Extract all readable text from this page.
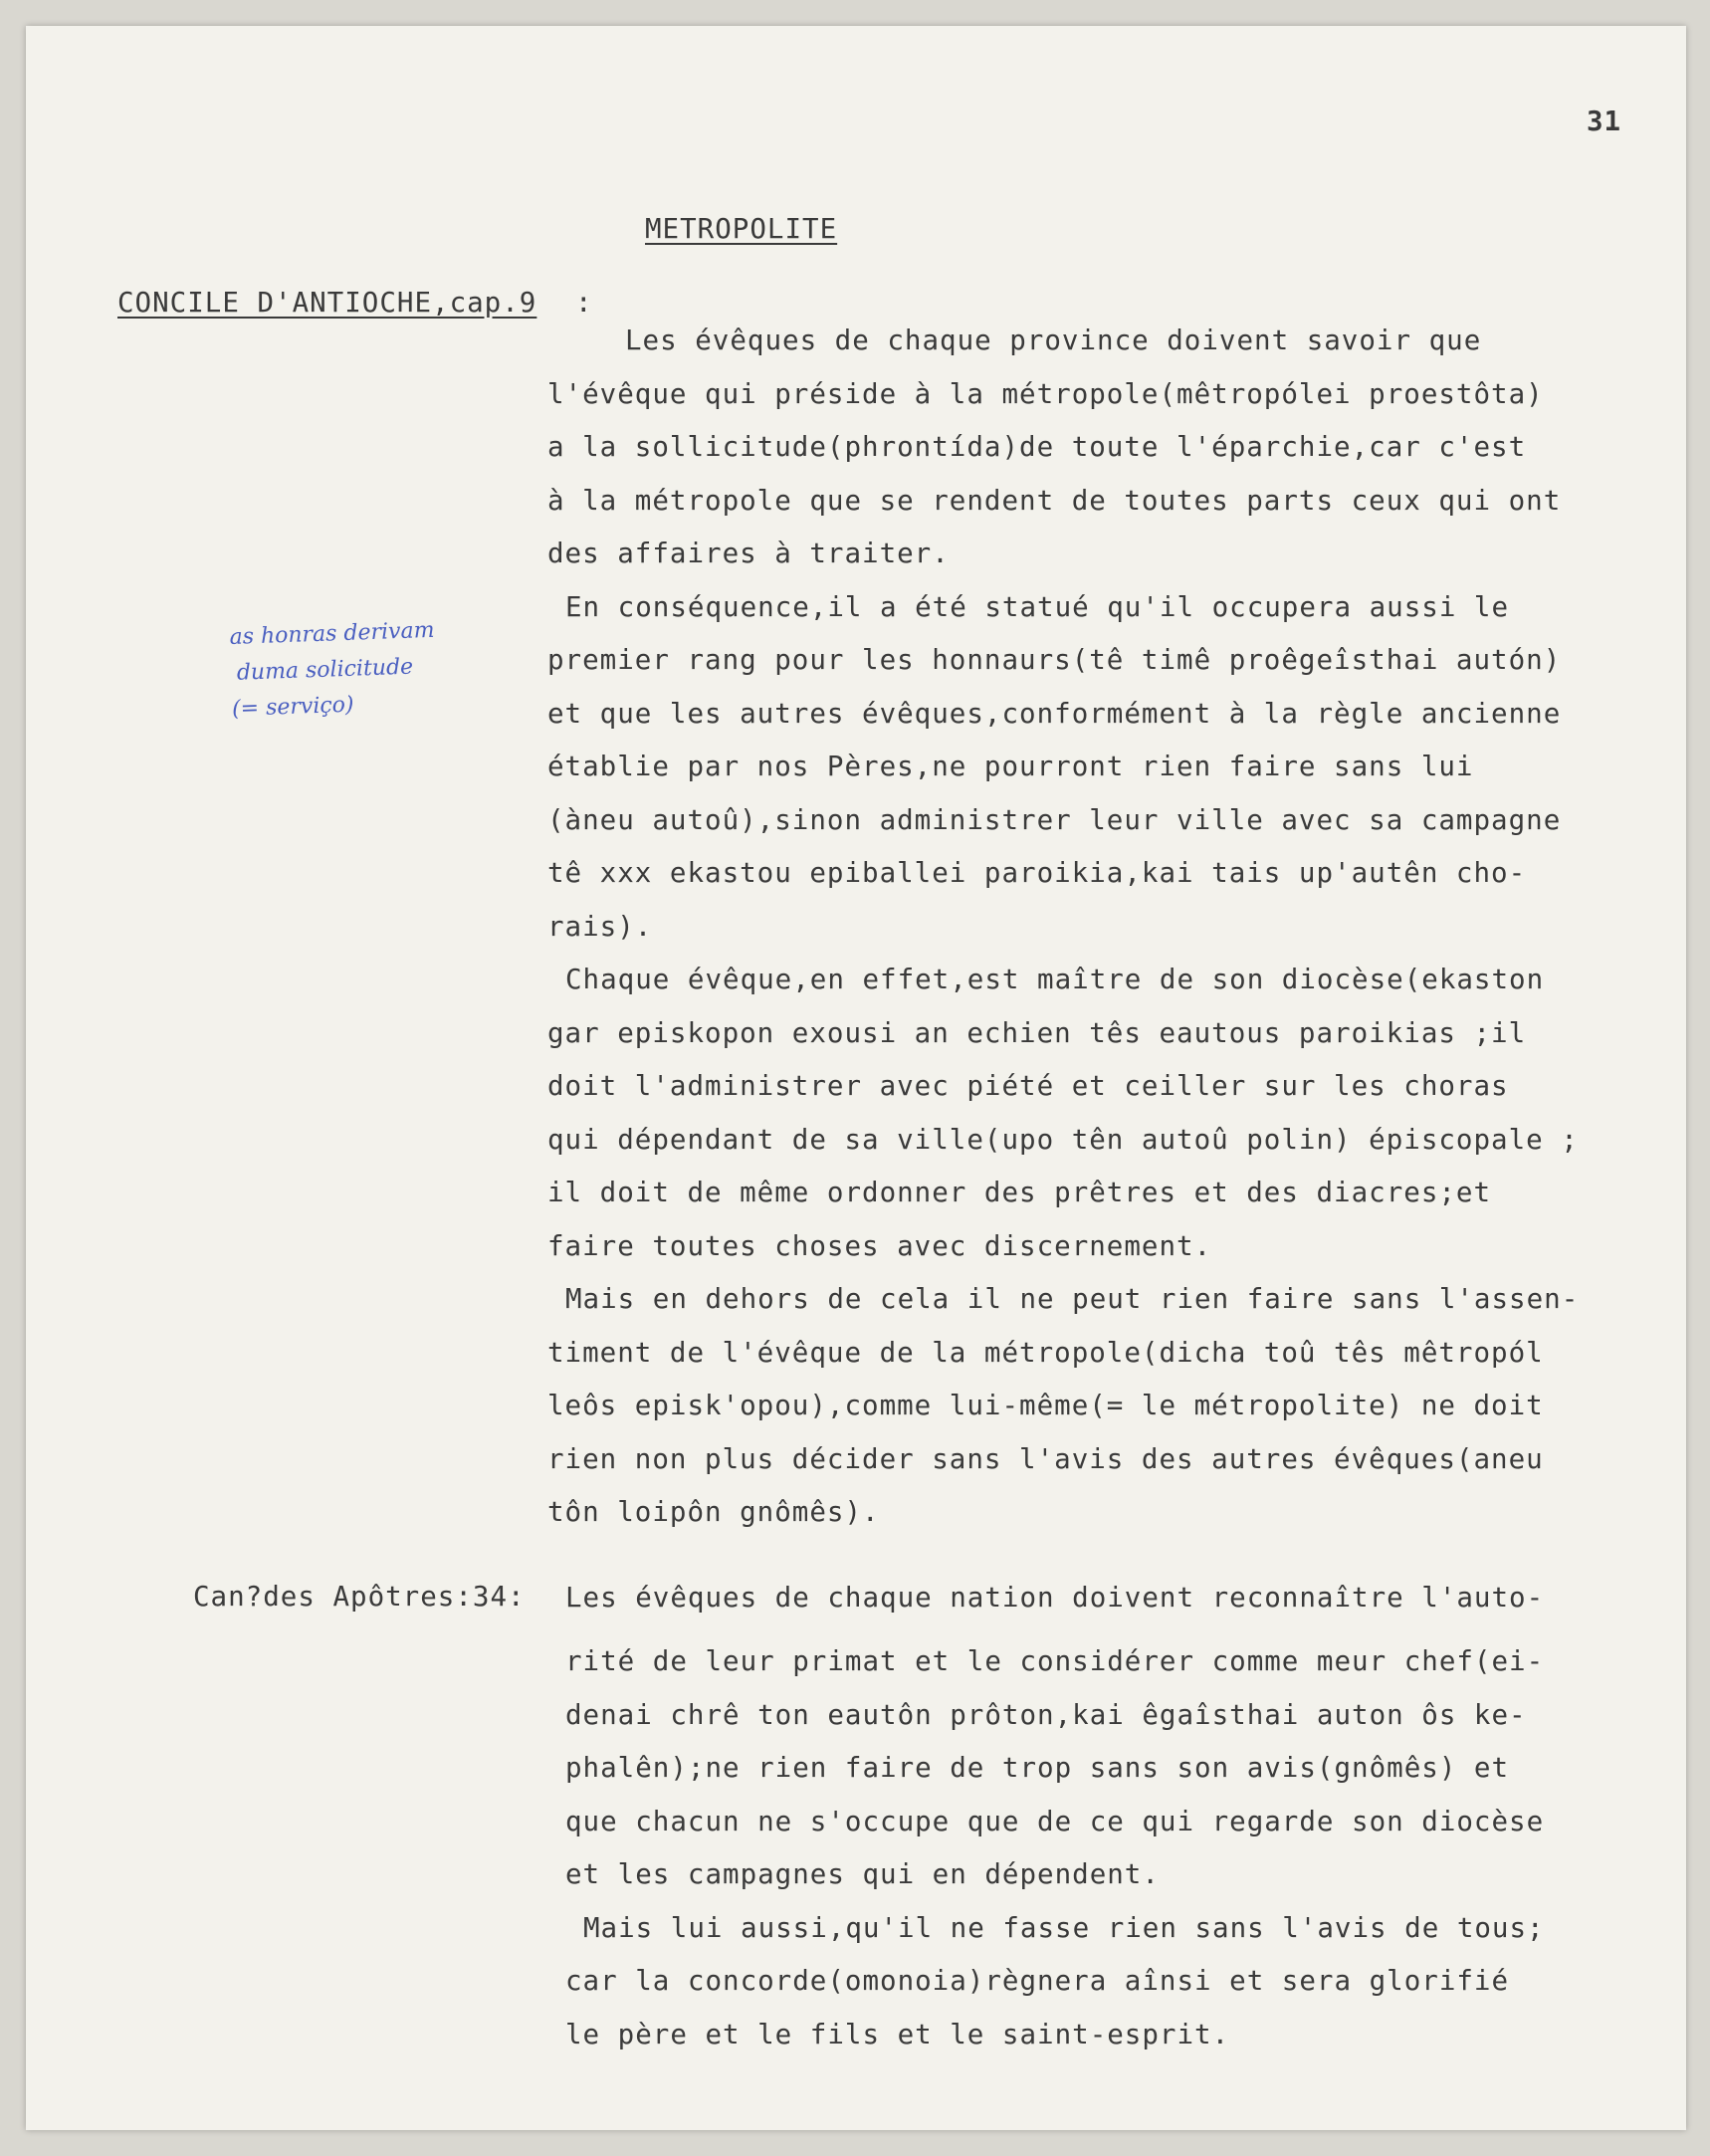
31
METROPOLITE
CONCILE D'ANTIOCHE,cap.9 :
as honras derivam
duma solicitude
(= serviço)
Les évêques de chaque province doivent savoir que
l'évêque qui préside à la métropole(mêtropólei proestôta)
a la sollicitude(phrontída)de toute l'éparchie,car c'est
à la métropole que se rendent de toutes parts ceux qui ont
des affaires à traiter.
En conséquence,il a été statué qu'il occupera aussi le
premier rang pour les honnaurs(tê timê proêgeîsthai autón)
et que les autres évêques,conformément à la règle ancienne
établie par nos Pères,ne pourront rien faire sans lui
(àneu autoû),sinon administrer leur ville avec sa campagne
tê xxx ekastou epiballei paroikia,kai tais up'autên cho-
rais).
Chaque évêque,en effet,est maître de son diocèse(ekaston
gar episkopon exousi an echien tês eautous paroikias ;il
doit l'administrer avec piété et ceiller sur les choras
qui dépendant de sa ville(upo tên autoû polin) épiscopale ;
il doit de même ordonner des prêtres et des diacres;et
faire toutes choses avec discernement.
Mais en dehors de cela il ne peut rien faire sans l'assen-
timent de l'évêque de la métropole(dicha toû tês mêtropól
leôs episk'opou),comme lui-même(= le métropolite) ne doit
rien non plus décider sans l'avis des autres évêques(aneu
tôn loipôn gnômês).
Can?des Apôtres:34: Les évêques de chaque nation doivent reconnaître l'auto-
rité de leur primat et le considérer comme meur chef(ei-
denai chrê ton eautôn prôton,kai êgaîsthai auton ôs ke-
phalên);ne rien faire de trop sans son avis(gnômês) et
que chacun ne s'occupe que de ce qui regarde son diocèse
et les campagnes qui en dépendent.
Mais lui aussi,qu'il ne fasse rien sans l'avis de tous;
car la concorde(omonoia)règnera aînsi et sera glorifié
le père et le fils et le saint-esprit.
